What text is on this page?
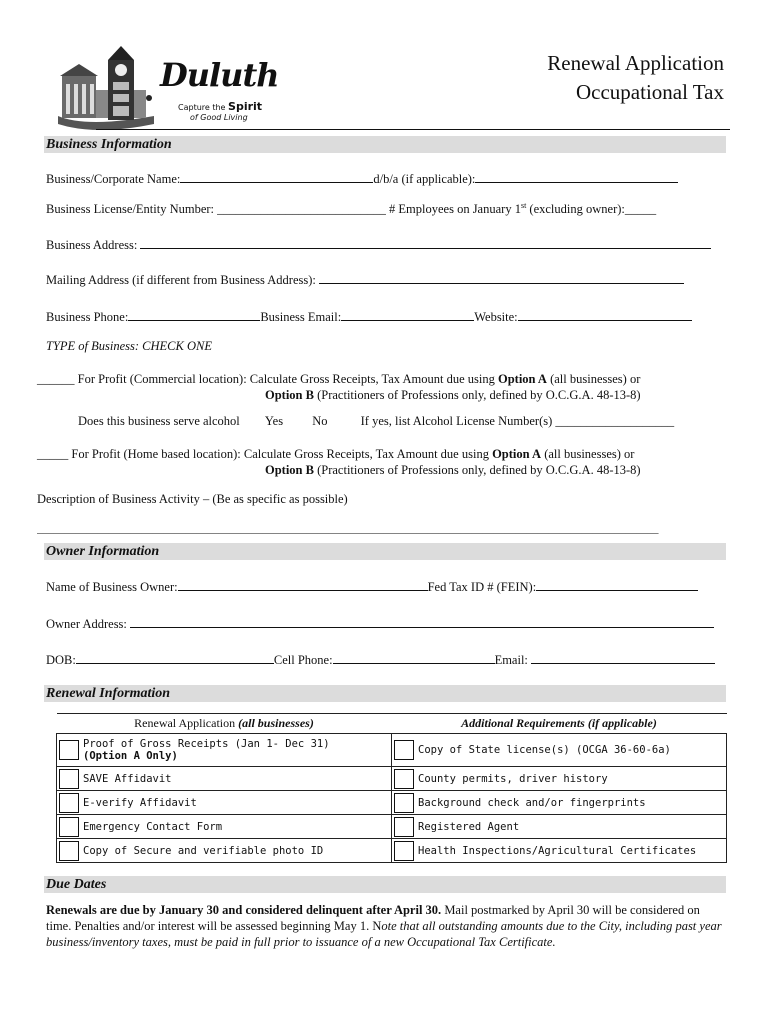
Duluth
Capture the Spirit
of Good Living
Renewal Application
Occupational Tax
Business Information
Business/Corporate Name:	d/b/a (if applicable):
Business License/Entity Number: ___________________________ # Employees on January 1st (excluding owner):_____
Business Address:
Mailing Address (if different from Business Address):
Business Phone:	Business Email:	Website:
TYPE of Business: CHECK ONE
______ For Profit (Commercial location): Calculate Gross Receipts, Tax Amount due using Option A (all businesses) or
Option B (Practitioners of Professions only, defined by O.C.G.A. 48-13-8)
Does this business serve alcohol Yes No	If yes, list Alcohol License Number(s) ___________________
_____ For Profit (Home based location): Calculate Gross Receipts, Tax Amount due using Option A (all businesses) or
Option B (Practitioners of Professions only, defined by O.C.G.A. 48-13-8)
Description of Business Activity – (Be as specific as possible)
_________________________________________________________________________________________________________________
Owner Information
Name of Business Owner:	Fed Tax ID # (FEIN):
Owner Address:
DOB:	Cell Phone:	Email:
Renewal Information
Renewal Application (all businesses)	Additional Requirements (if applicable)

Proof of Gross Receipts (Jan 1- Dec 31)
(Option A Only)	Copy of State license(s) (OCGA 36-60-6a)

SAVE Affidavit	County permits, driver history

E-verify Affidavit	Background check and/or fingerprints

Emergency Contact Form	Registered Agent

Copy of Secure and verifiable photo ID	Health Inspections/Agricultural Certificates
Due Dates
Renewals are due by January 30 and considered delinquent after April 30. Mail postmarked by April 30 will be considered on time. Penalties and/or interest will be assessed beginning May 1. Note that all outstanding amounts due to the City, including past year business/inventory taxes, must be paid in full prior to issuance of a new Occupational Tax Certificate.
